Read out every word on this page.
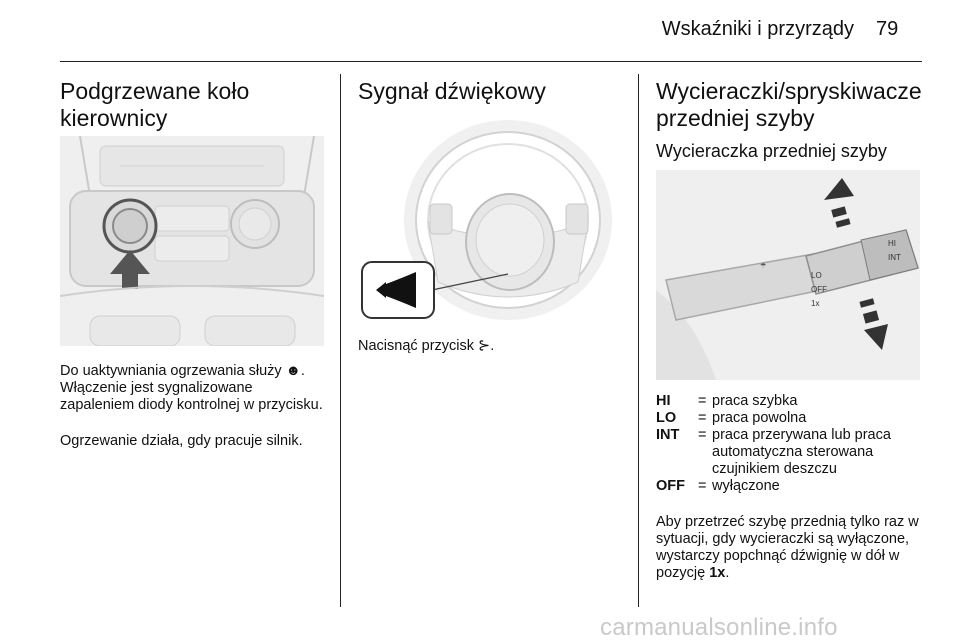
Wskaźniki i przyrządy 79
Podgrzewane koło kierownicy

Do uaktywniania ogrzewania służy ☻. Włączenie jest sygnalizowane zapaleniem diody kontrolnej w przycisku.

Ogrzewanie działa, gdy pracuje silnik.

Sygnał dźwiękowy

Nacisnąć przycisk ⊱.

Wycieraczki/spryskiwacze przedniej szyby
Wycieraczka przedniej szyby
☂
LO
OFF
1x
HI
INT
HI	= praca szybka
LO	= praca powolna
INT	= praca przerywana lub praca automatyczna sterowana czujnikiem deszczu
OFF = wyłączone

Aby przetrzeć szybę przednią tylko raz w sytuacji, gdy wycieraczki są wyłączone, wystarczy popchnąć dźwignię w dół w pozycję 1x.

carmanualsonline.info
